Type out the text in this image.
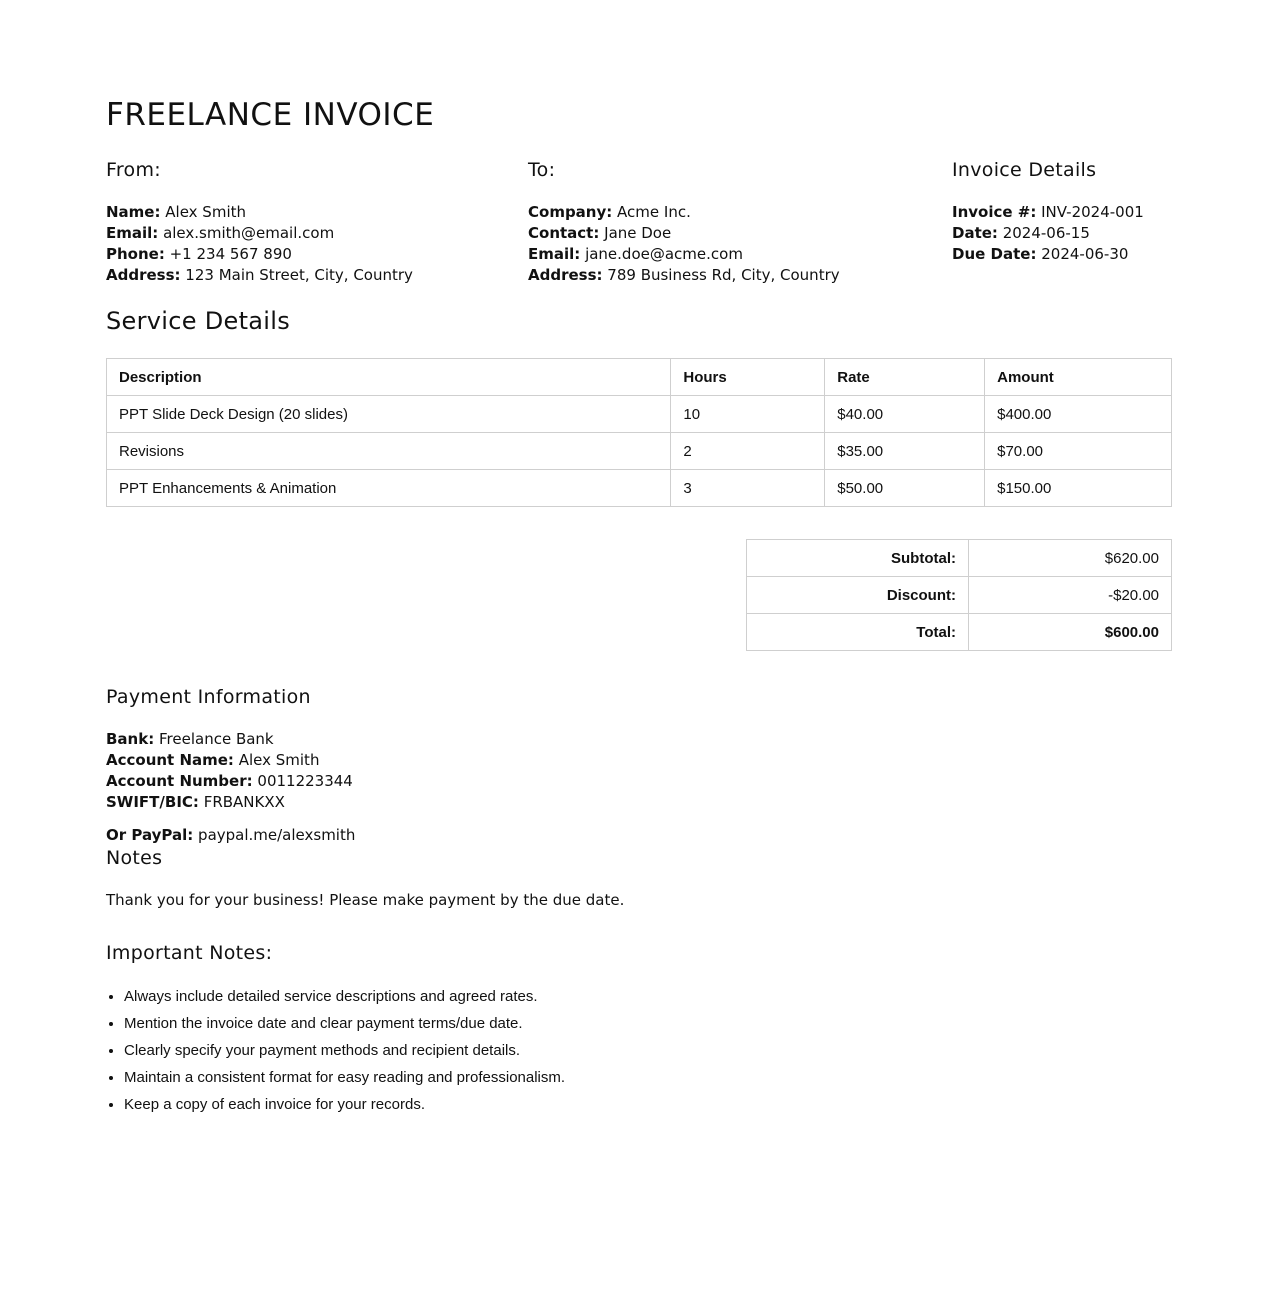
FREELANCE INVOICE
From:
Name: Alex Smith
Email: alex.smith@email.com
Phone: +1 234 567 890
Address: 123 Main Street, City, Country
To:
Company: Acme Inc.
Contact: Jane Doe
Email: jane.doe@acme.com
Address: 789 Business Rd, City, Country
Invoice Details
Invoice #: INV-2024-001
Date: 2024-06-15
Due Date: 2024-06-30
Service Details
Description	Hours	Rate	Amount
PPT Slide Deck Design (20 slides)	10	$40.00	$400.00
Revisions	2	$35.00	$70.00
PPT Enhancements & Animation	3	$50.00	$150.00
Subtotal:	$620.00
Discount:	-$20.00
Total:	$600.00
Payment Information
Bank: Freelance Bank
Account Name: Alex Smith
Account Number: 0011223344
SWIFT/BIC: FRBANKXX
Or PayPal: paypal.me/alexsmith
Notes

Thank you for your business! Please make payment by the due date.

Important Notes:
• Always include detailed service descriptions and agreed rates.
• Mention the invoice date and clear payment terms/due date.
• Clearly specify your payment methods and recipient details.
• Maintain a consistent format for easy reading and professionalism.
• Keep a copy of each invoice for your records.
